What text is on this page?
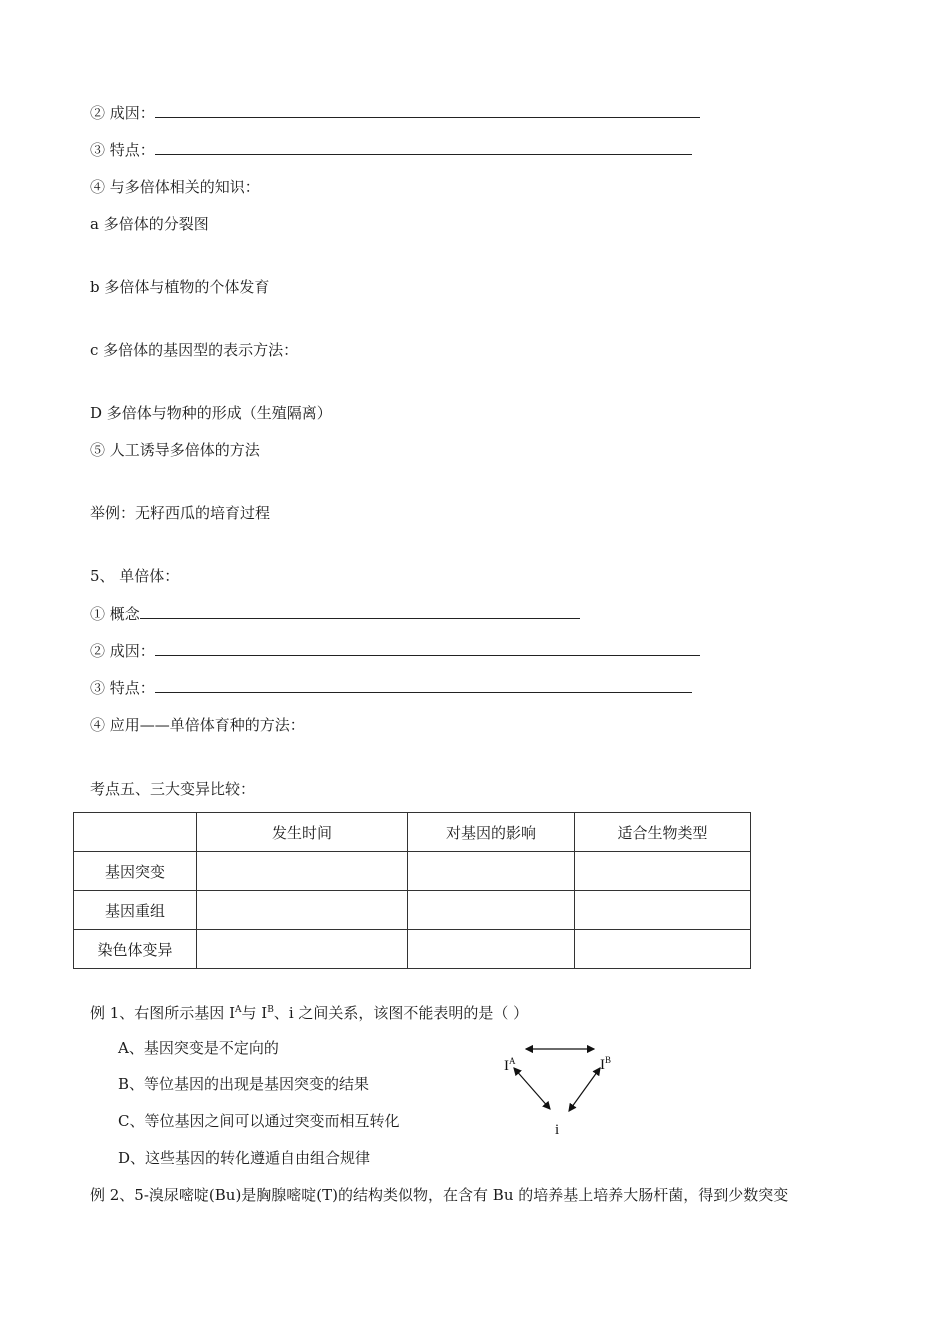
② 成因：
③ 特点：
④ 与多倍体相关的知识：
a 多倍体的分裂图
b 多倍体与植物的个体发育
c 多倍体的基因型的表示方法：
D 多倍体与物种的形成（生殖隔离）
⑤ 人工诱导多倍体的方法
举例：无籽西瓜的培育过程
5、 单倍体：
① 概念
② 成因：
③ 特点：
④ 应用——单倍体育种的方法：
考点五、三大变异比较：
	发生时间	对基因的影响	适合生物类型
基因突变			
基因重组			
染色体变异			
例 1、右图所示基因 $I^A$与 $I^B$、i 之间关系，该图不能表明的是（ ）
A、基因突变是不定向的
B、等位基因的出现是基因突变的结果
C、等位基因之间可以通过突变而相互转化
D、这些基因的转化遵遁自由组合规律
$I^A$	$I^B$
i
例 2、5-溴尿嘧啶(Bu)是胸腺嘧啶(T)的结构类似物，在含有 Bu 的培养基上培养大肠杆菌，得到少数突变
